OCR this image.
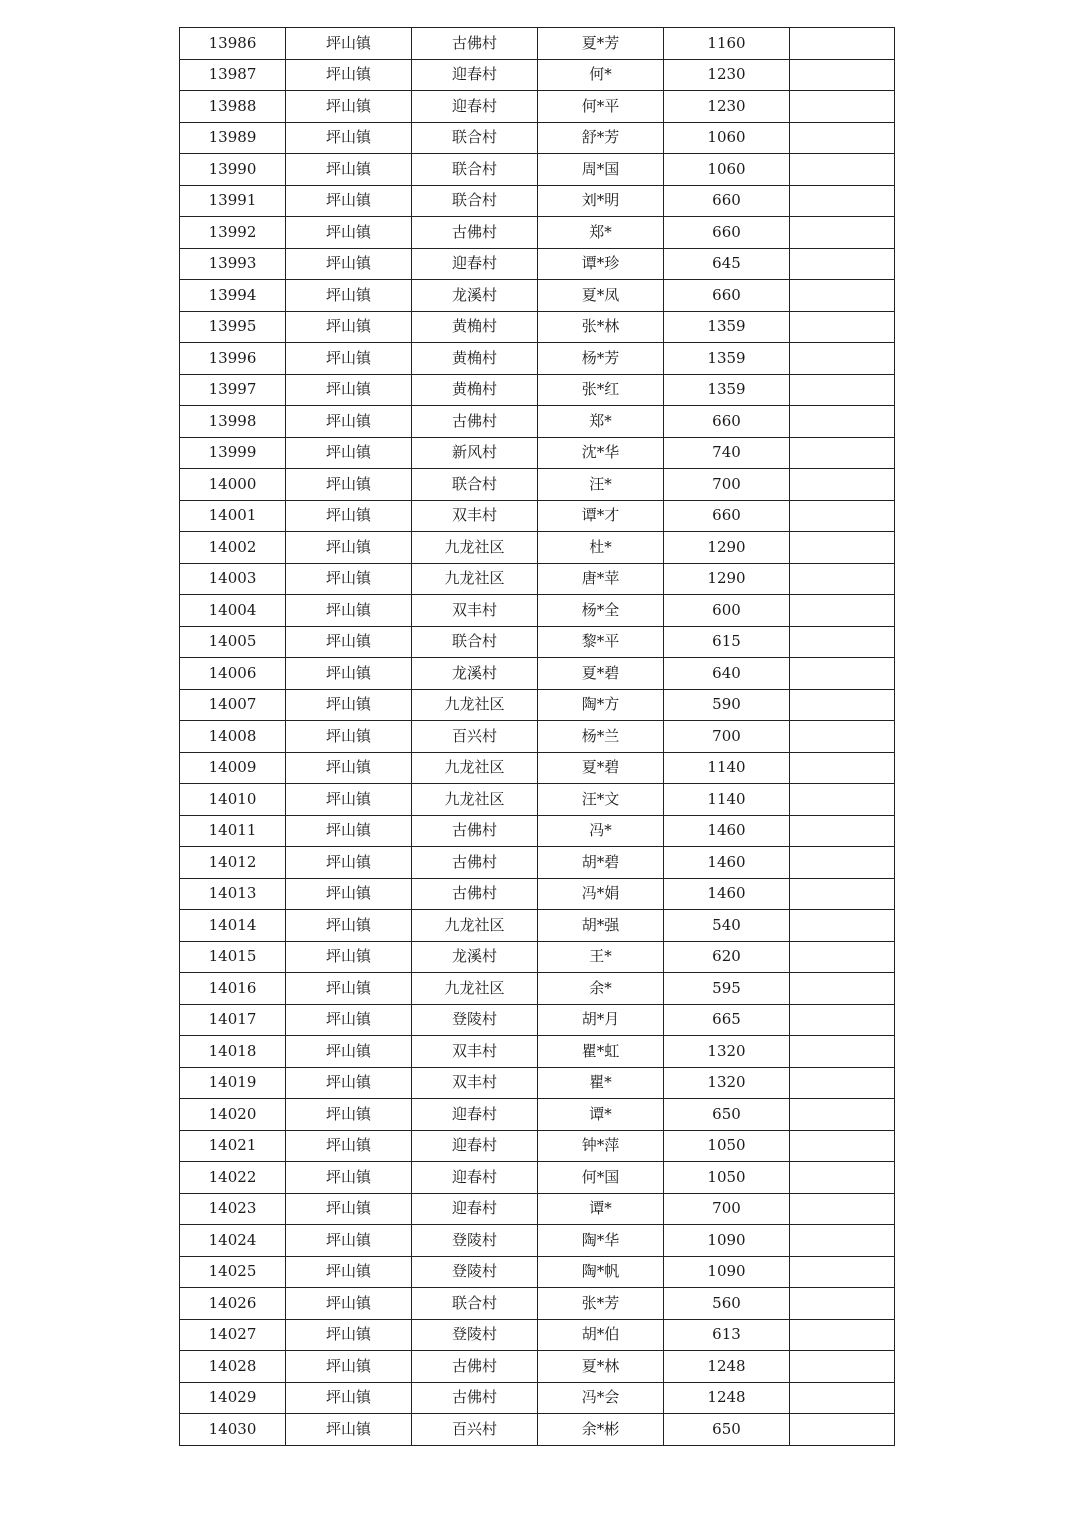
13986	坪山镇	古佛村	夏*芳	1160	
13987	坪山镇	迎春村	何*	1230	
13988	坪山镇	迎春村	何*平	1230	
13989	坪山镇	联合村	舒*芳	1060	
13990	坪山镇	联合村	周*国	1060	
13991	坪山镇	联合村	刘*明	660	
13992	坪山镇	古佛村	郑*	660	
13993	坪山镇	迎春村	谭*珍	645	
13994	坪山镇	龙溪村	夏*凤	660	
13995	坪山镇	黄桷村	张*林	1359	
13996	坪山镇	黄桷村	杨*芳	1359	
13997	坪山镇	黄桷村	张*红	1359	
13998	坪山镇	古佛村	郑*	660	
13999	坪山镇	新风村	沈*华	740	
14000	坪山镇	联合村	汪*	700	
14001	坪山镇	双丰村	谭*才	660	
14002	坪山镇	九龙社区	杜*	1290	
14003	坪山镇	九龙社区	唐*苹	1290	
14004	坪山镇	双丰村	杨*全	600	
14005	坪山镇	联合村	黎*平	615	
14006	坪山镇	龙溪村	夏*碧	640	
14007	坪山镇	九龙社区	陶*方	590	
14008	坪山镇	百兴村	杨*兰	700	
14009	坪山镇	九龙社区	夏*碧	1140	
14010	坪山镇	九龙社区	汪*文	1140	
14011	坪山镇	古佛村	冯*	1460	
14012	坪山镇	古佛村	胡*碧	1460	
14013	坪山镇	古佛村	冯*娟	1460	
14014	坪山镇	九龙社区	胡*强	540	
14015	坪山镇	龙溪村	王*	620	
14016	坪山镇	九龙社区	余*	595	
14017	坪山镇	登陵村	胡*月	665	
14018	坪山镇	双丰村	瞿*虹	1320	
14019	坪山镇	双丰村	瞿*	1320	
14020	坪山镇	迎春村	谭*	650	
14021	坪山镇	迎春村	钟*萍	1050	
14022	坪山镇	迎春村	何*国	1050	
14023	坪山镇	迎春村	谭*	700	
14024	坪山镇	登陵村	陶*华	1090	
14025	坪山镇	登陵村	陶*帆	1090	
14026	坪山镇	联合村	张*芳	560	
14027	坪山镇	登陵村	胡*伯	613	
14028	坪山镇	古佛村	夏*林	1248	
14029	坪山镇	古佛村	冯*会	1248	
14030	坪山镇	百兴村	余*彬	650	
